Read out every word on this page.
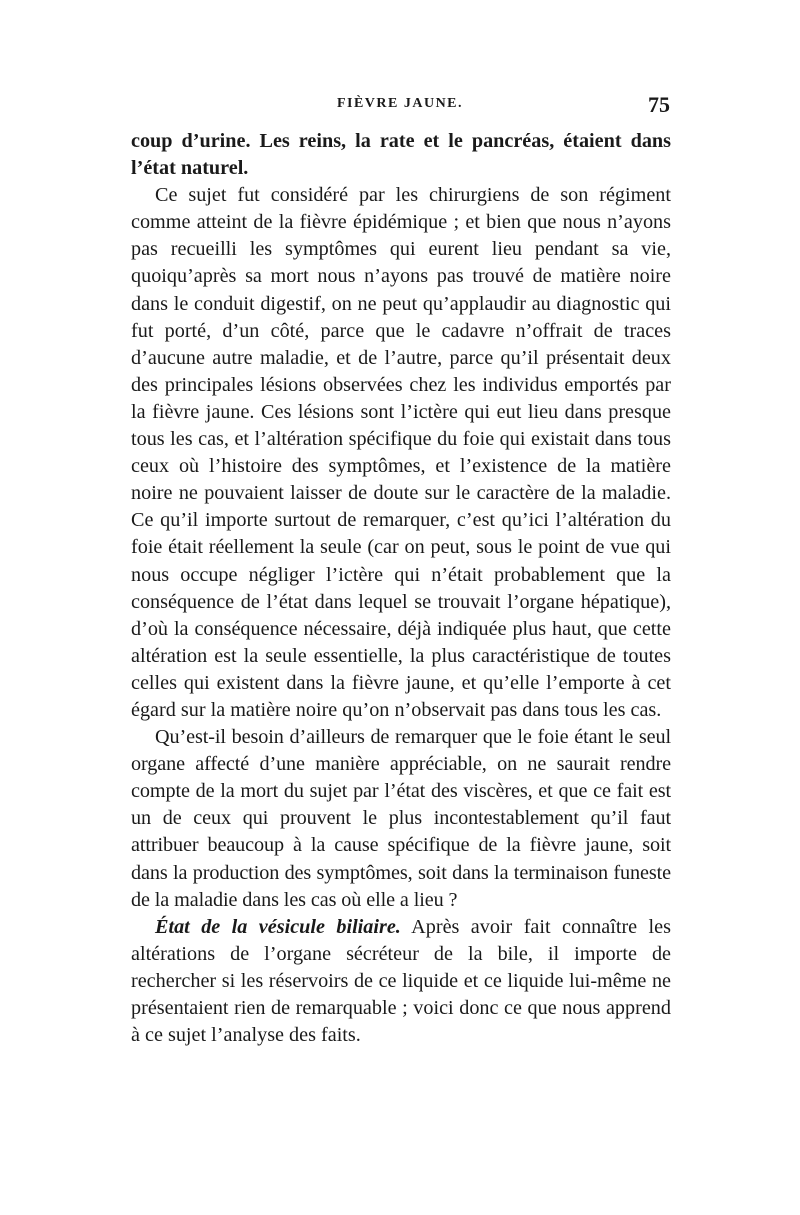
FIÈVRE JAUNE.	75

coup d’urine. Les reins, la rate et le pancréas, étaient dans l’état naturel.

Ce sujet fut considéré par les chirurgiens de son régiment comme atteint de la fièvre épidémique ; et bien que nous n’ayons pas recueilli les symptômes qui eurent lieu pendant sa vie, quoiqu’après sa mort nous n’ayons pas trouvé de matière noire dans le conduit digestif, on ne peut qu’applaudir au diagnostic qui fut porté, d’un côté, parce que le cadavre n’offrait de traces d’aucune autre maladie, et de l’autre, parce qu’il présentait deux des principales lésions observées chez les individus emportés par la fièvre jaune. Ces lésions sont l’ictère qui eut lieu dans presque tous les cas, et l’altération spécifique du foie qui existait dans tous ceux où l’histoire des symptômes, et l’existence de la matière noire ne pouvaient laisser de doute sur le caractère de la maladie. Ce qu’il importe surtout de remarquer, c’est qu’ici l’altération du foie était réellement la seule (car on peut, sous le point de vue qui nous occupe négliger l’ictère qui n’était probablement que la conséquence de l’état dans lequel se trouvait l’organe hépatique), d’où la conséquence nécessaire, déjà indiquée plus haut, que cette altération est la seule essentielle, la plus caractéristique de toutes celles qui existent dans la fièvre jaune, et qu’elle l’emporte à cet égard sur la matière noire qu’on n’observait pas dans tous les cas.

Qu’est-il besoin d’ailleurs de remarquer que le foie étant le seul organe affecté d’une manière appréciable, on ne saurait rendre compte de la mort du sujet par l’état des viscères, et que ce fait est un de ceux qui prouvent le plus incontestablement qu’il faut attribuer beaucoup à la cause spécifique de la fièvre jaune, soit dans la production des symptômes, soit dans la terminaison funeste de la maladie dans les cas où elle a lieu ?

État de la vésicule biliaire. Après avoir fait connaître les altérations de l’organe sécréteur de la bile, il importe de rechercher si les réservoirs de ce liquide et ce liquide lui-même ne présentaient rien de remarquable ; voici donc ce que nous apprend à ce sujet l’analyse des faits.
